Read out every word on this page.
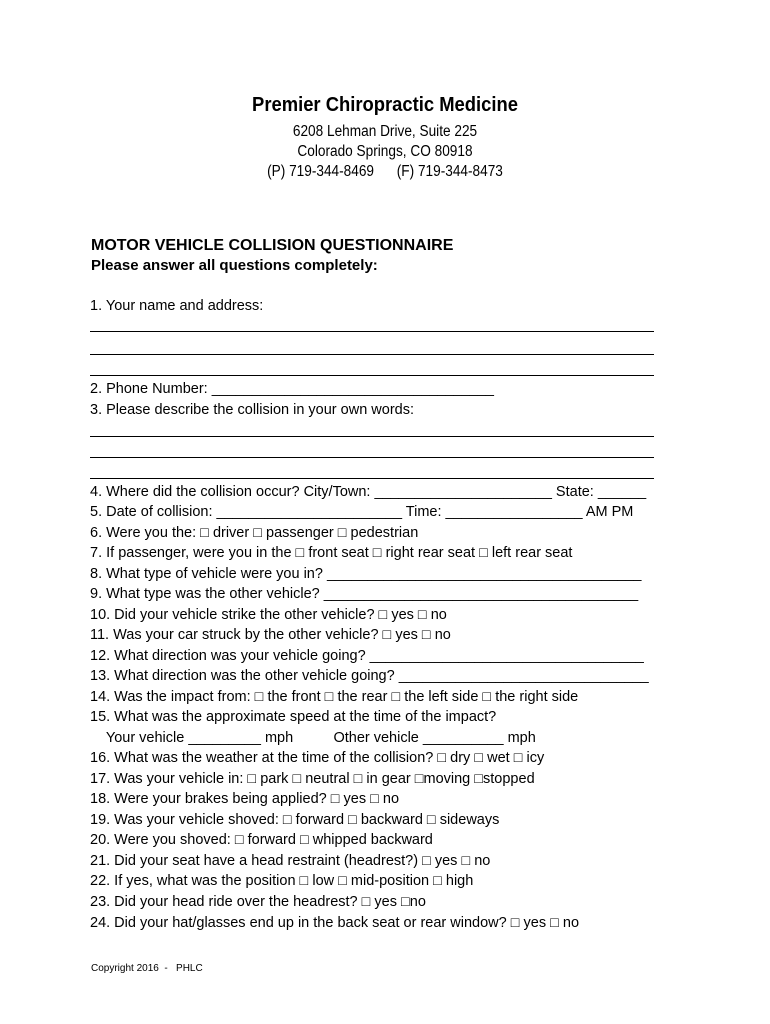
Premier Chiropractic Medicine
6208 Lehman Drive, Suite 225
Colorado Springs, CO 80918
(P) 719-344-8469      (F) 719-344-8473
MOTOR VEHICLE COLLISION QUESTIONNAIRE
Please answer all questions completely:
1. Your name and address:
2. Phone Number: ___________________________________
3. Please describe the collision in your own words:
4. Where did the collision occur? City/Town: ______________________ State: ______
5. Date of collision: _______________________ Time: _________________ AM PM
6. Were you the: □ driver □ passenger □ pedestrian
7. If passenger, were you in the □ front seat □ right rear seat □ left rear seat
8. What type of vehicle were you in? _______________________________________
9. What type was the other vehicle? _______________________________________
10. Did your vehicle strike the other vehicle? □ yes □ no
11. Was your car struck by the other vehicle? □ yes □ no
12. What direction was your vehicle going? __________________________________
13. What direction was the other vehicle going? _______________________________
14. Was the impact from: □ the front □ the rear □ the left side □ the right side
15. What was the approximate speed at the time of the impact?
Your vehicle _________ mph          Other vehicle __________ mph
16. What was the weather at the time of the collision? □ dry □ wet □ icy
17. Was your vehicle in: □ park □ neutral □ in gear □moving □stopped
18. Were your brakes being applied? □ yes □ no
19. Was your vehicle shoved: □ forward □ backward □ sideways
20. Were you shoved: □ forward □ whipped backward
21. Did your seat have a head restraint (headrest?) □ yes □ no
22. If yes, what was the position □ low □ mid-position □ high
23. Did your head ride over the headrest? □ yes □no
24. Did your hat/glasses end up in the back seat or rear window? □ yes □ no
Copyright 2016  -   PHLC
